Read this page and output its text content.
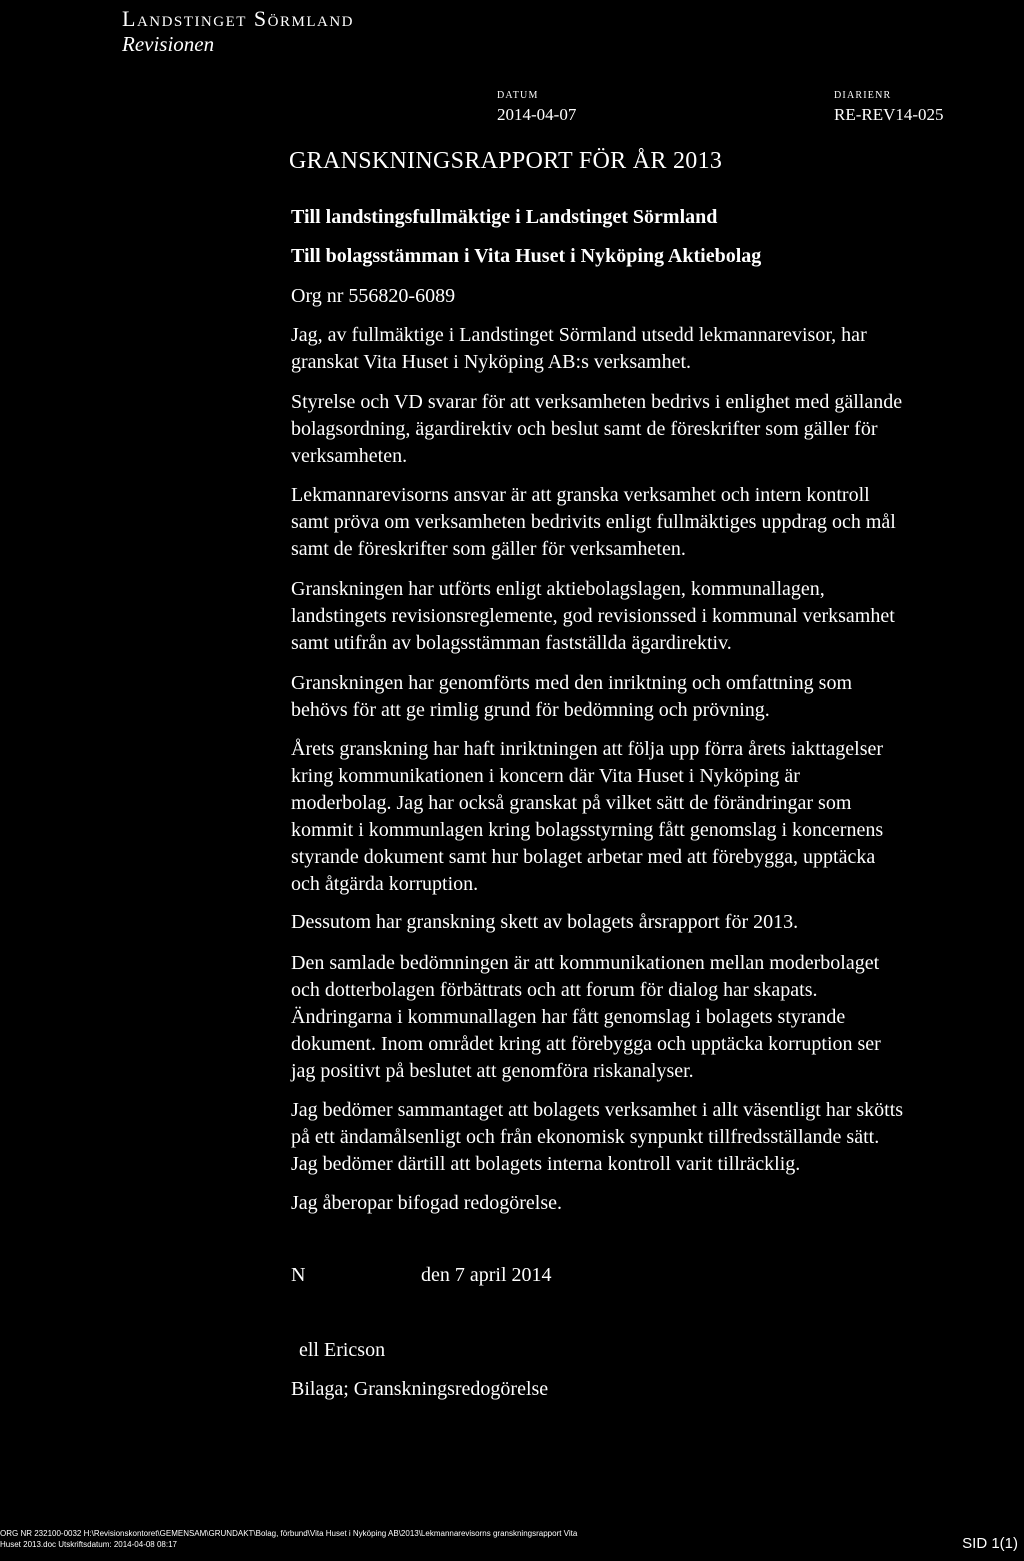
Landstinget Sörmland
Revisionen
DATUM
2014-04-07
DIARIENR
RE-REV14-025
GRANSKNINGSRAPPORT FÖR ÅR 2013
Till landstingsfullmäktige i Landstinget Sörmland
Till bolagsstämman i Vita Huset i Nyköping Aktiebolag
Org nr 556820-6089
Jag, av fullmäktige i Landstinget Sörmland utsedd lekmannarevisor, har
granskat Vita Huset i Nyköping AB:s verksamhet.
Styrelse och VD svarar för att verksamheten bedrivs i enlighet med gällande
bolagsordning, ägardirektiv och beslut samt de föreskrifter som gäller för
verksamheten.
Lekmannarevisorns ansvar är att granska verksamhet och intern kontroll
samt pröva om verksamheten bedrivits enligt fullmäktiges uppdrag och mål
samt de föreskrifter som gäller för verksamheten.
Granskningen har utförts enligt aktiebolagslagen, kommunallagen,
landstingets revisionsreglemente, god revisionssed i kommunal verksamhet
samt utifrån av bolagsstämman fastställda ägardirektiv.
Granskningen har genomförts med den inriktning och omfattning som
behövs för att ge rimlig grund för bedömning och prövning.
Årets granskning har haft inriktningen att följa upp förra årets iakttagelser
kring kommunikationen i koncern där Vita Huset i Nyköping är
moderbolag. Jag har också granskat på vilket sätt de förändringar som
kommit i kommunlagen kring bolagsstyrning fått genomslag i koncernens
styrande dokument samt hur bolaget arbetar med att förebygga, upptäcka
och åtgärda korruption.
Dessutom har granskning skett av bolagets årsrapport för 2013.
Den samlade bedömningen är att kommunikationen mellan moderbolaget
och dotterbolagen förbättrats och att forum för dialog har skapats.
Ändringarna i kommunallagen har fått genomslag i bolagets styrande
dokument. Inom området kring att förebygga och upptäcka korruption ser
jag positivt på beslutet att genomföra riskanalyser.
Jag bedömer sammantaget att bolagets verksamhet i allt väsentligt har skötts
på ett ändamålsenligt och från ekonomisk synpunkt tillfredsställande sätt.
Jag bedömer därtill att bolagets interna kontroll varit tillräcklig.
Jag åberopar bifogad redogörelse.
N	den 7 april 2014
ell Ericson
Bilaga; Granskningsredogörelse
ORG NR 232100-0032 H:\Revisionskontoret\GEMENSAM\GRUNDAKT\Bolag, förbund\Vita Huset i Nyköping AB\2013\Lekmannarevisorns granskningsrapport Vita
Huset 2013.doc Utskriftsdatum: 2014-04-08 08:17	SID 1(1)
